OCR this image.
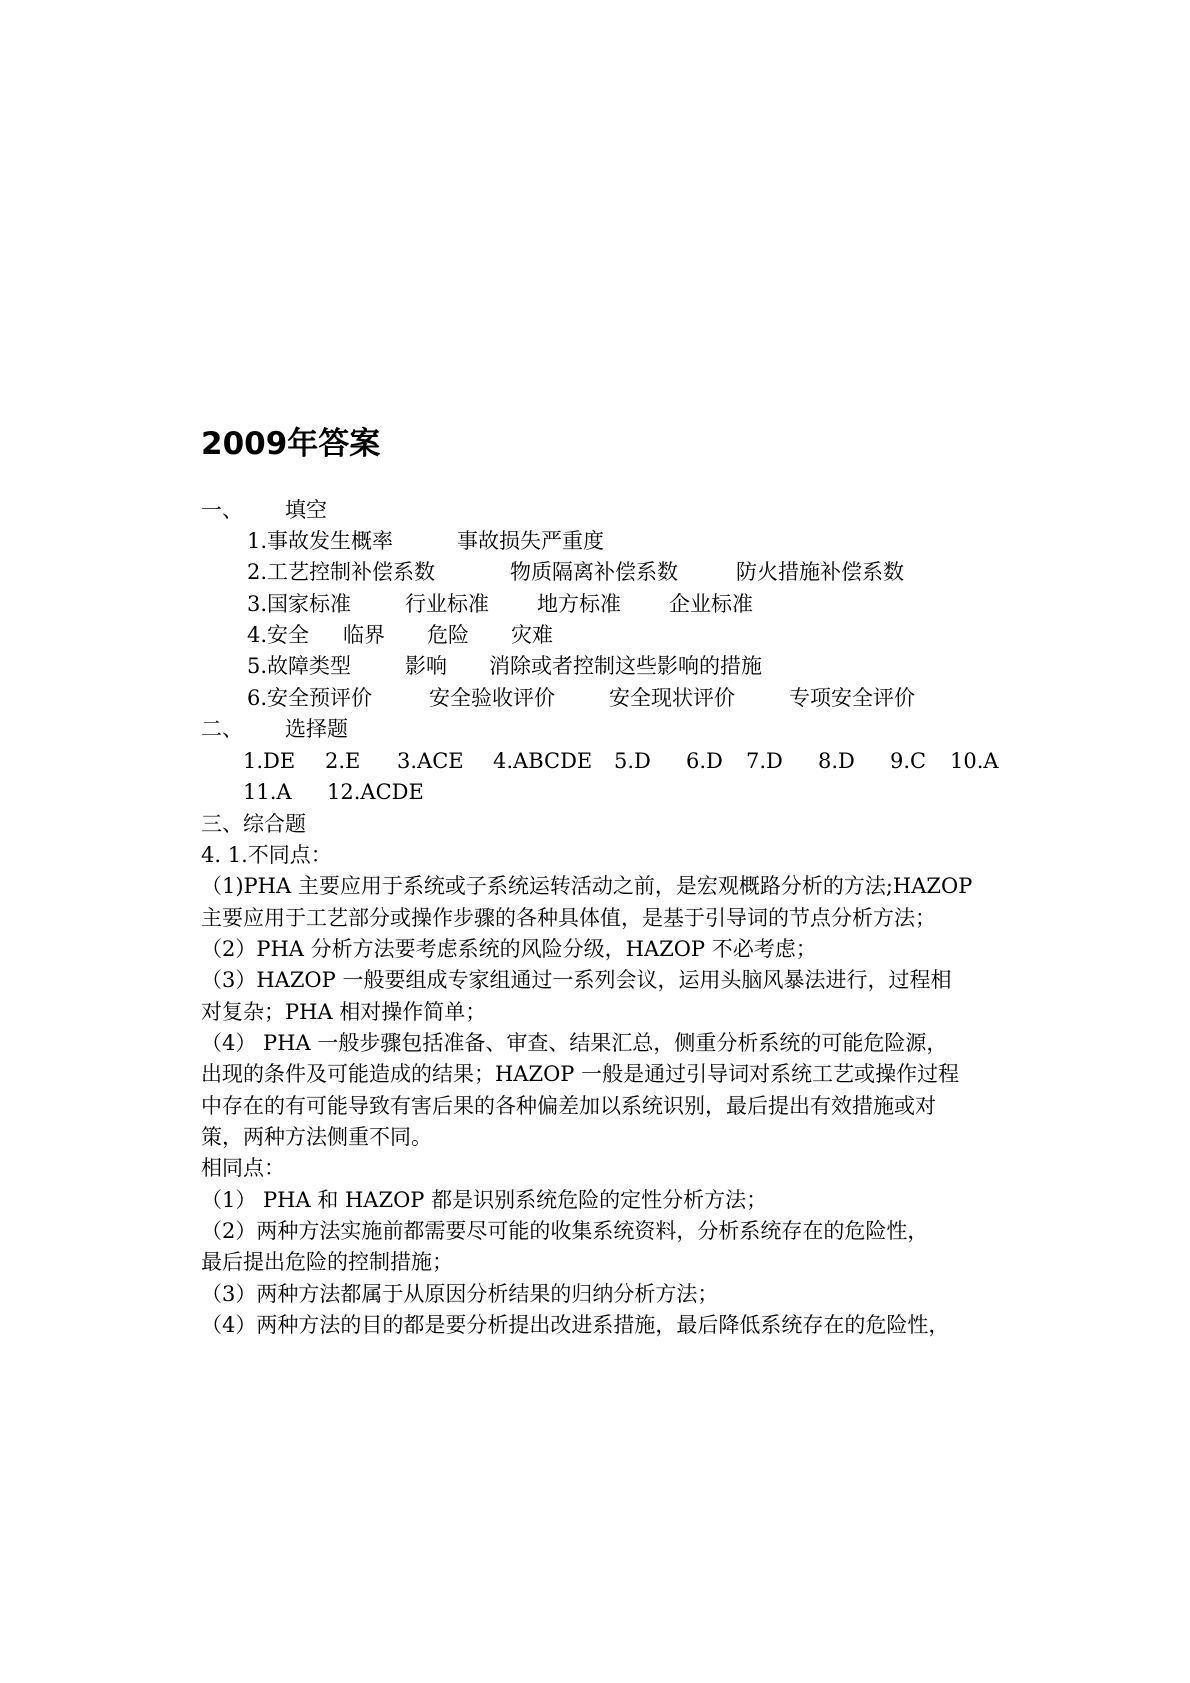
2009年答案
一、 填空
1.事故发生概率	事故损失严重度
2.工艺控制补偿系数	物质隔离补偿系数	防火措施补偿系数
3.国家标准	行业标准 地方标准 企业标准
4.安全 临界 危险 灾难
5.故障类型	影响 消除或者控制这些影响的措施
6.安全预评价	安全验收评价	安全现状评价	专项安全评价
二、 选择题
1.DE 2.E 3.ACE 4.ABCDE 5.D 6.D 7.D 8.D 9.C 10.A
11.A 12.ACDE
三、综合题
4. 1.不同点：
（1)PHA 主要应用于系统或子系统运转活动之前，是宏观概路分析的方法;HAZOP
主要应用于工艺部分或操作步骤的各种具体值，是基于引导词的节点分析方法；
（2）PHA 分析方法要考虑系统的风险分级，HAZOP 不必考虑；
（3）HAZOP 一般要组成专家组通过一系列会议，运用头脑风暴法进行，过程相
对复杂；PHA 相对操作简单；
（4） PHA 一般步骤包括准备、审查、结果汇总，侧重分析系统的可能危险源，
出现的条件及可能造成的结果；HAZOP 一般是通过引导词对系统工艺或操作过程
中存在的有可能导致有害后果的各种偏差加以系统识别，最后提出有效措施或对
策，两种方法侧重不同。
相同点：
（1） PHA 和 HAZOP 都是识别系统危险的定性分析方法；
（2）两种方法实施前都需要尽可能的收集系统资料，分析系统存在的危险性，
最后提出危险的控制措施；
（3）两种方法都属于从原因分析结果的归纳分析方法；
（4）两种方法的目的都是要分析提出改进系措施，最后降低系统存在的危险性，
